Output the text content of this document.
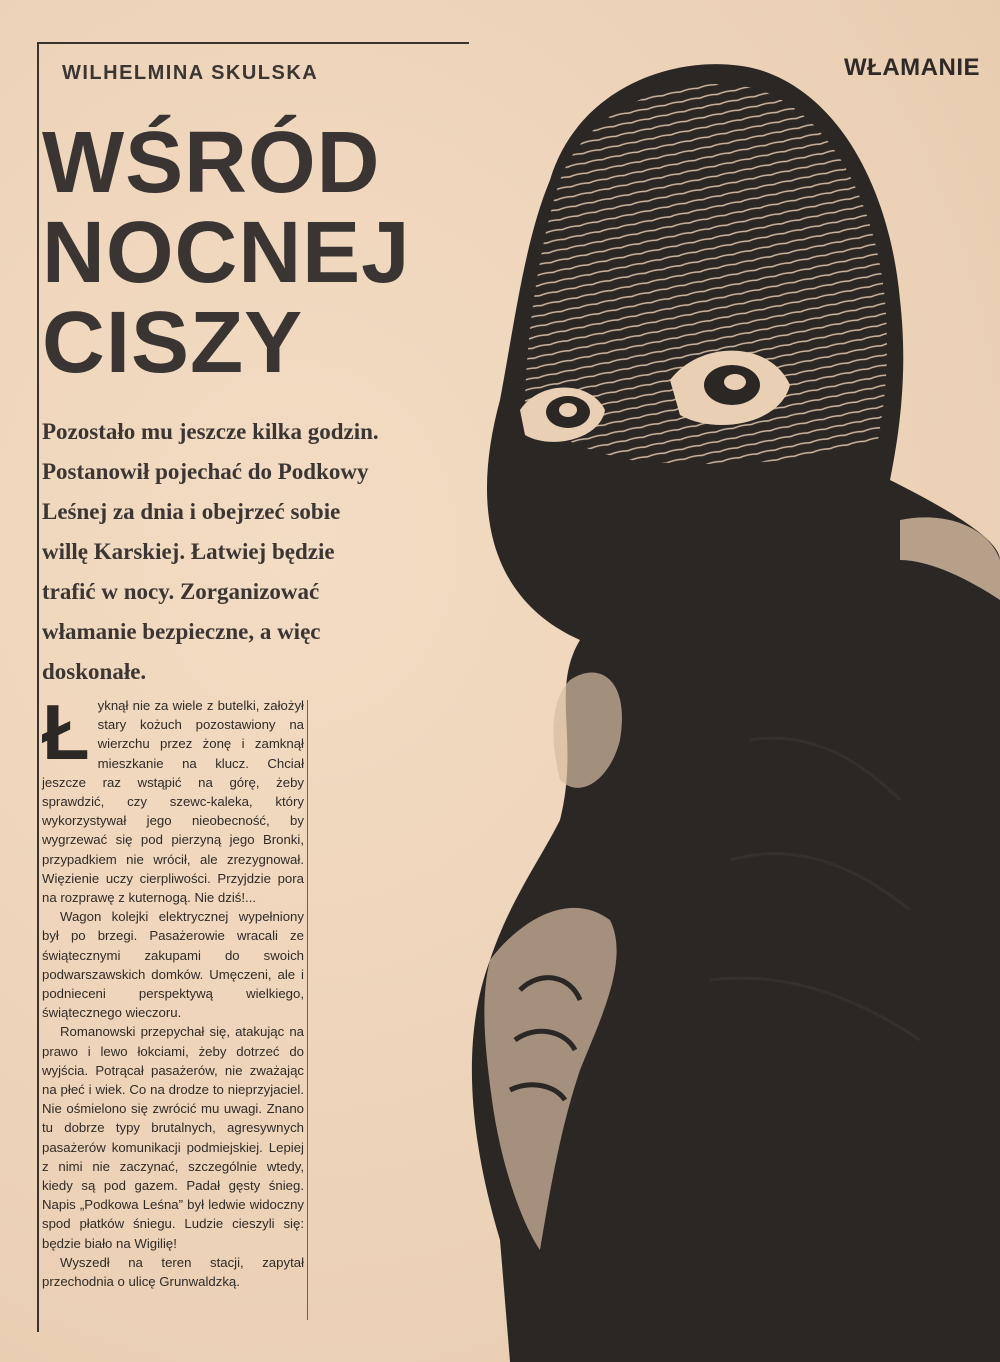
WILHELMINA SKULSKA	WŁAMANIE
WŚRÓD
NOCNEJ
CISZY
Pozostało mu jeszcze kilka godzin.
Postanowił pojechać do Podkowy
Leśnej za dnia i obejrzeć sobie
willę Karskiej. Łatwiej będzie
trafić w nocy. Zorganizować
włamanie bezpieczne, a więc
doskonałe.

Łyknął nie za wiele z butelki, założył stary kożuch pozostawiony na wierzchu przez żonę i zamknął mieszkanie na klucz. Chciał jeszcze raz wstąpić na górę, żeby sprawdzić, czy szewc-kaleka, który wykorzystywał jego nieobecność, by wygrzewać się pod pierzyną jego Bronki, przypadkiem nie wrócił, ale zrezygnował. Więzienie uczy cierpliwości. Przyjdzie pora na rozprawę z kuternogą. Nie dziś!...

Wagon kolejki elektrycznej wypełniony był po brzegi. Pasażerowie wracali ze świątecznymi zakupami do swoich podwarszawskich domków. Umęczeni, ale i podnieceni perspektywą wielkiego, świątecznego wieczoru.

Romanowski przepychał się, atakując na prawo i lewo łokciami, żeby dotrzeć do wyjścia. Potrącał pasażerów, nie zważając na płeć i wiek. Co na drodze to nieprzyjaciel. Nie ośmielono się zwrócić mu uwagi. Znano tu dobrze typy brutalnych, agresywnych pasażerów komunikacji podmiejskiej. Lepiej z nimi nie zaczynać, szczególnie wtedy, kiedy są pod gazem. Padał gęsty śnieg. Napis „Podkowa Leśna” był ledwie widoczny spod płatków śniegu. Ludzie cieszyli się: będzie biało na Wigilię!

Wyszedł na teren stacji, zapytał przechodnia o ulicę Grunwaldzką.
